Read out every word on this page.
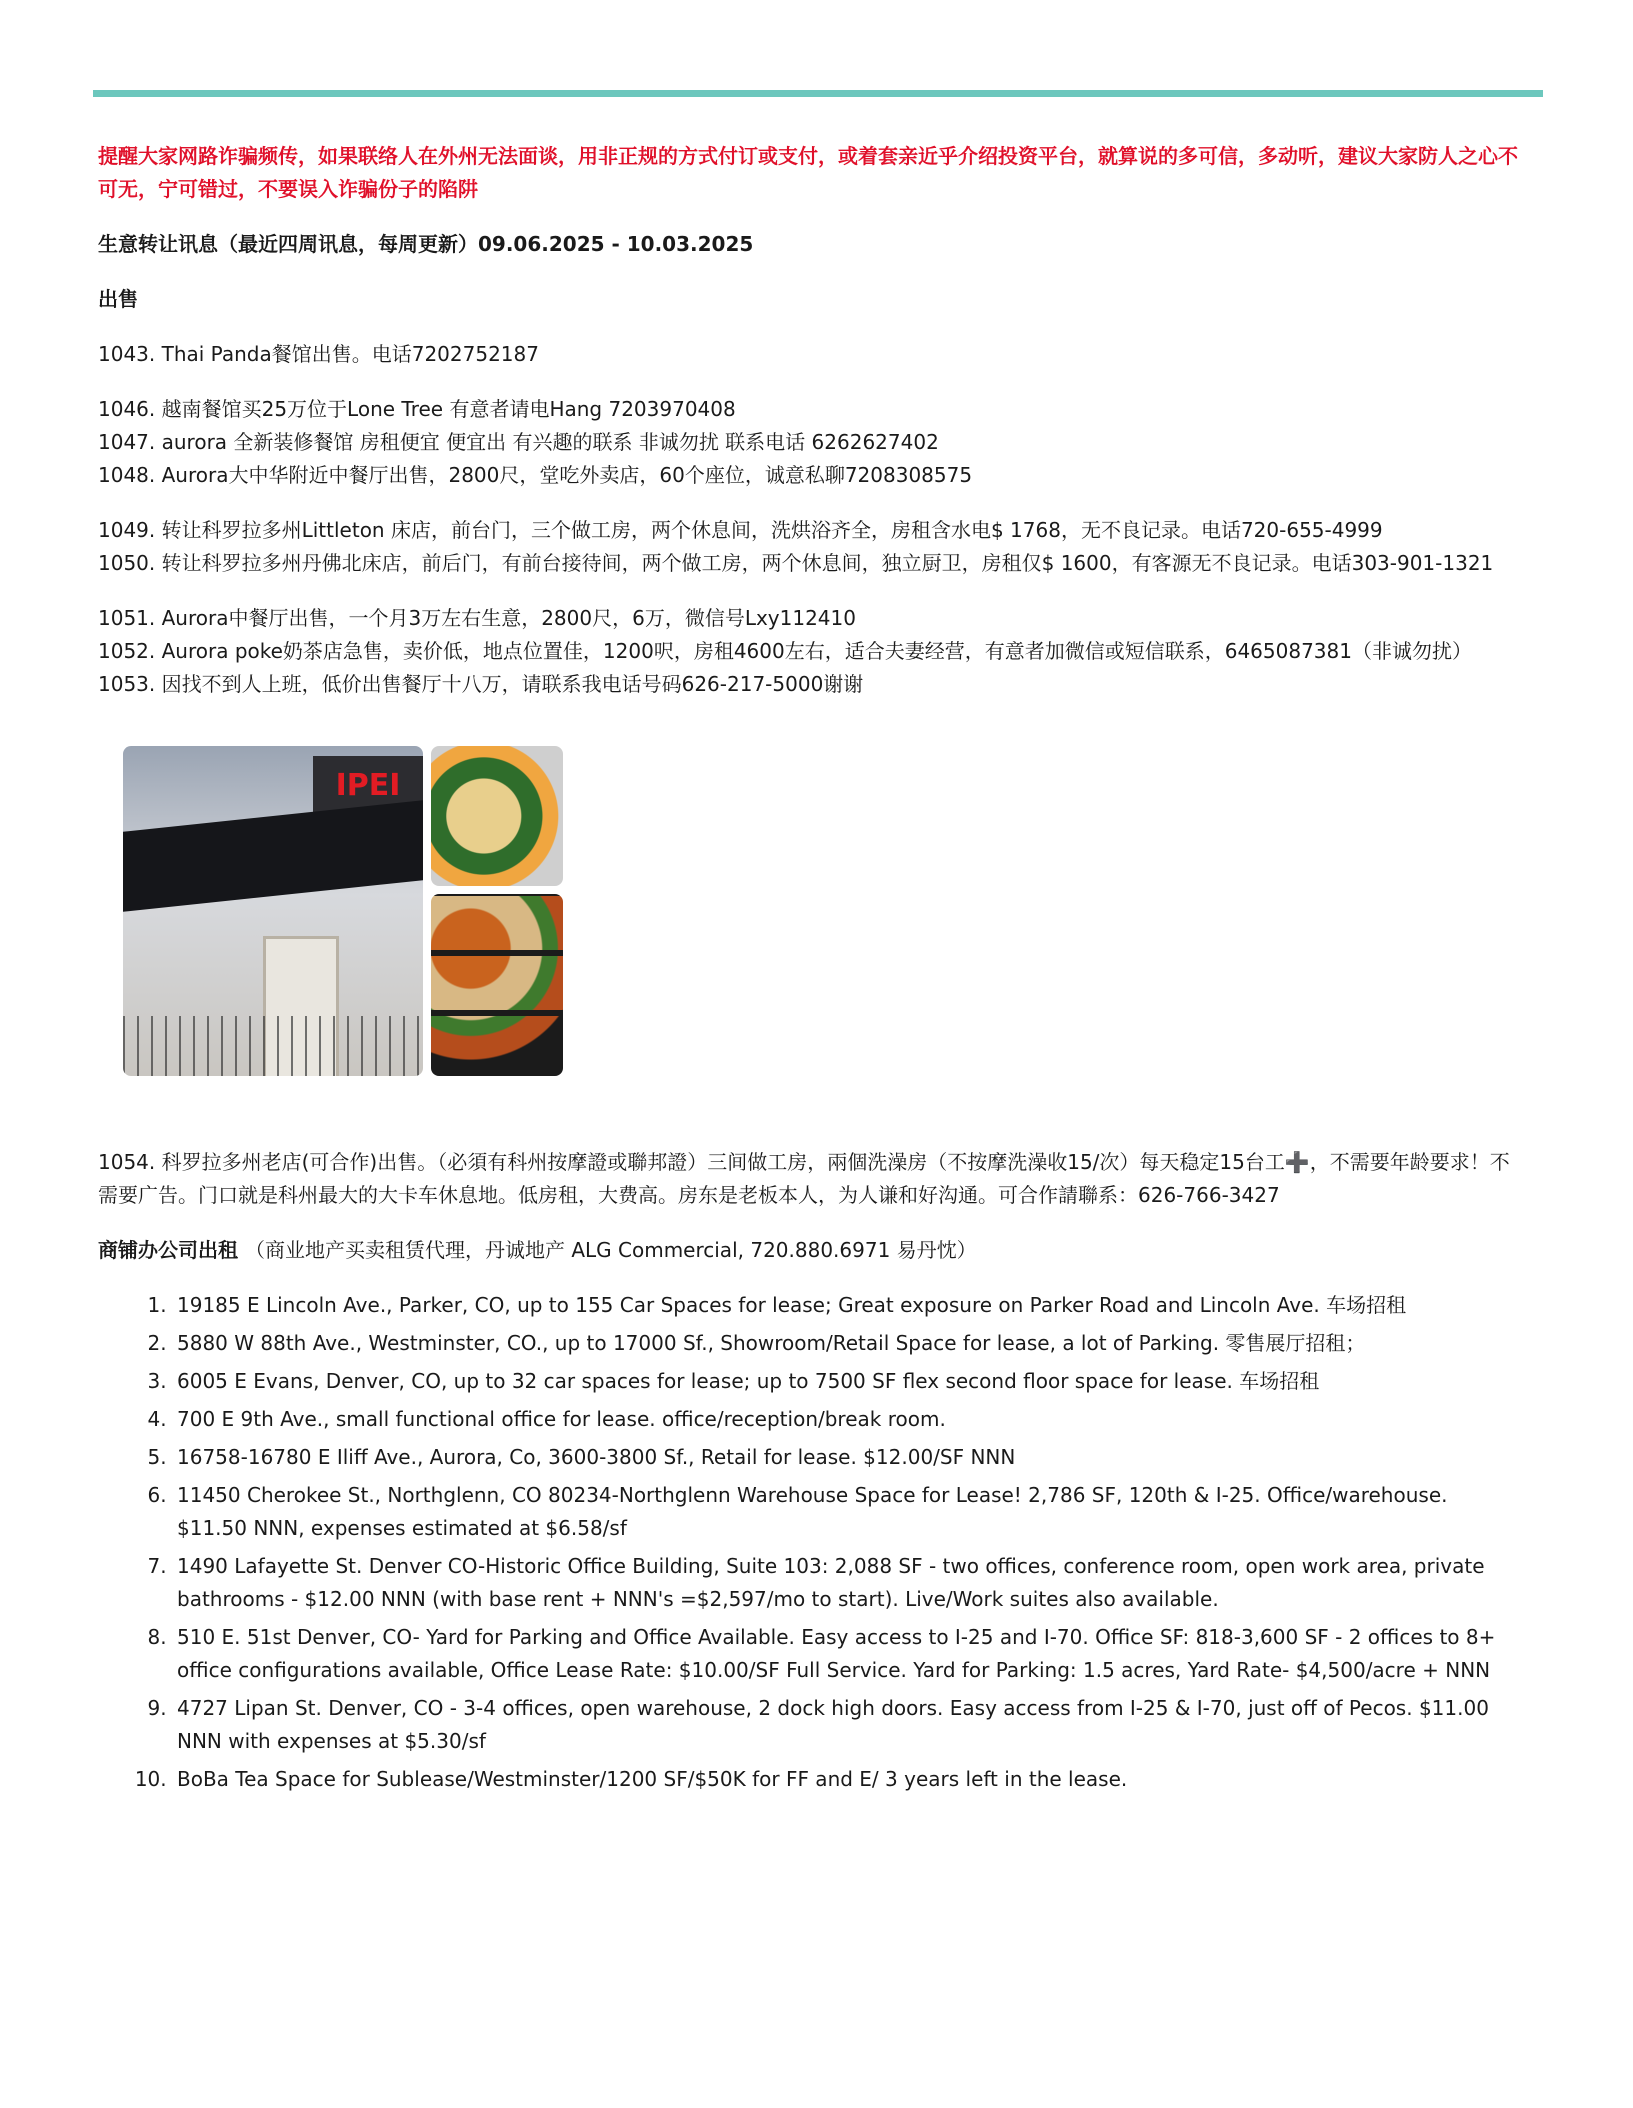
提醒大家网路诈骗频传，如果联络人在外州无法面谈，用非正规的方式付订或支付，或着套亲近乎介绍投资平台，就算说的多可信，多动听，建议大家防人之心不可无，宁可错过，不要误入诈骗份子的陷阱

生意转让讯息（最近四周讯息，每周更新）09.06.2025 - 10.03.2025

出售

1043. Thai Panda餐馆出售。电话7202752187
1046. 越南餐馆买25万位于Lone Tree 有意者请电Hang 7203970408
1047. aurora 全新装修餐馆 房租便宜 便宜出 有兴趣的联系 非诚勿扰 联系电话 6262627402
1048. Aurora大中华附近中餐厅出售，2800尺，堂吃外卖店，60个座位，诚意私聊7208308575
1049. 转让科罗拉多州Littleton 床店，前台门，三个做工房，两个休息间，洗烘浴齐全，房租含水电$ 1768，无不良记录。电话720-655-4999
1050. 转让科罗拉多州丹佛北床店，前后门，有前台接待间，两个做工房，两个休息间，独立厨卫，房租仅$ 1600，有客源无不良记录。电话303-901-1321
1051. Aurora中餐厅出售，一个月3万左右生意，2800尺，6万，微信号Lxy112410
1052. Aurora poke奶茶店急售，卖价低，地点位置佳，1200呎，房租4600左右，适合夫妻经营，有意者加微信或短信联系，6465087381（非诚勿扰）
1053. 因找不到人上班，低价出售餐厅十八万，请联系我电话号码626-217-5000谢谢
IPEI

1054. 科罗拉多州老店(可合作)出售。（必須有科州按摩證或聯邦證）三间做工房，兩個洗澡房（不按摩洗澡收15/次）每天稳定15台工➕，不需要年龄要求！不需要广告。门口就是科州最大的大卡车休息地。低房租，大费高。房东是老板本人，为人谦和好沟通。可合作請聯系：626-766-3427

商铺办公司出租 （商业地产买卖租赁代理，丹诚地产 ALG Commercial, 720.880.6971 易丹忱）

1. 19185 E Lincoln Ave., Parker, CO, up to 155 Car Spaces for lease; Great exposure on Parker Road and Lincoln Ave. 车场招租
2. 5880 W 88th Ave., Westminster, CO., up to 17000 Sf., Showroom/Retail Space for lease, a lot of Parking. 零售展厅招租；
3. 6005 E Evans, Denver, CO, up to 32 car spaces for lease; up to 7500 SF flex second floor space for lease. 车场招租
4. 700 E 9th Ave., small functional office for lease. office/reception/break room.
5. 16758-16780 E Iliff Ave., Aurora, Co, 3600-3800 Sf., Retail for lease. $12.00/SF NNN
6. 11450 Cherokee St., Northglenn, CO 80234-Northglenn Warehouse Space for Lease! 2,786 SF, 120th & I-25. Office/warehouse. $11.50 NNN, expenses estimated at $6.58/sf
7. 1490 Lafayette St. Denver CO-Historic Office Building, Suite 103: 2,088 SF - two offices, conference room, open work area, private bathrooms - $12.00 NNN (with base rent + NNN's =$2,597/mo to start). Live/Work suites also available.
8. 510 E. 51st Denver, CO- Yard for Parking and Office Available. Easy access to I-25 and I-70. Office SF: 818-3,600 SF - 2 offices to 8+ office configurations available, Office Lease Rate: $10.00/SF Full Service. Yard for Parking: 1.5 acres, Yard Rate- $4,500/acre + NNN
9. 4727 Lipan St. Denver, CO - 3-4 offices, open warehouse, 2 dock high doors. Easy access from I-25 & I-70, just off of Pecos. $11.00 NNN with expenses at $5.30/sf
10. BoBa Tea Space for Sublease/Westminster/1200 SF/$50K for FF and E/ 3 years left in the lease.
